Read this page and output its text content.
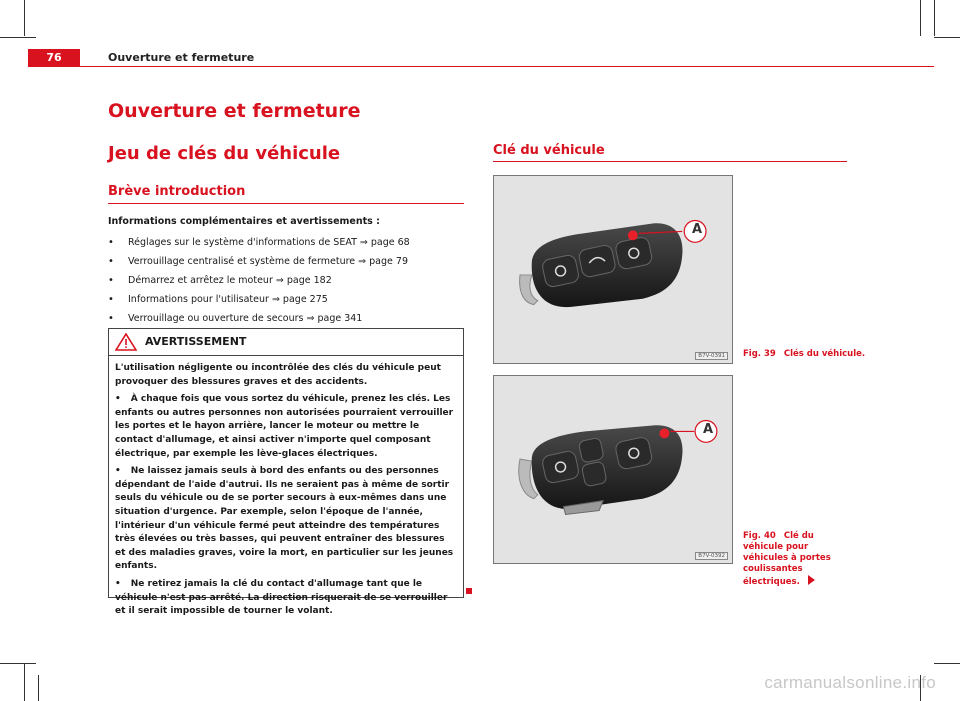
76	Ouverture et fermeture
Ouverture et fermeture
Jeu de clés du véhicule
Brève introduction
Informations complémentaires et avertissements :
• Réglages sur le système d'informations de SEAT ⇒ page 68
• Verrouillage centralisé et système de fermeture ⇒ page 79
• Démarrez et arrêtez le moteur ⇒ page 182
• Informations pour l'utilisateur ⇒ page 275
• Verrouillage ou ouverture de secours ⇒ page 341
AVERTISSEMENT

L'utilisation négligente ou incontrôlée des clés du véhicule peut provoquer des blessures graves et des accidents.

• À chaque fois que vous sortez du véhicule, prenez les clés. Les enfants ou autres personnes non autorisées pourraient verrouiller les portes et le hayon arrière, lancer le moteur ou mettre le contact d'allumage, et ainsi activer n'importe quel composant électrique, par exemple les lève-glaces électriques.

• Ne laissez jamais seuls à bord des enfants ou des personnes dépendant de l'aide d'autrui. Ils ne seraient pas à même de sortir seuls du véhicule ou de se porter secours à eux-mêmes dans une situation d'urgence. Par exemple, selon l'époque de l'année, l'intérieur d'un véhicule fermé peut atteindre des températures très élevées ou très basses, qui peuvent entraîner des blessures et des maladies graves, voire la mort, en particulier sur les jeunes enfants.

• Ne retirez jamais la clé du contact d'allumage tant que le véhicule n'est pas arrêté. La direction risquerait de se verrouiller et il serait impossible de tourner le volant.

Clé du véhicule
A
B7V-0391	Fig. 39 Clés du véhicule.
A
B7V-0392
Fig. 40 Clé du véhicule pour véhicules à portes coulissantes électriques.
carmanualsonline.info
